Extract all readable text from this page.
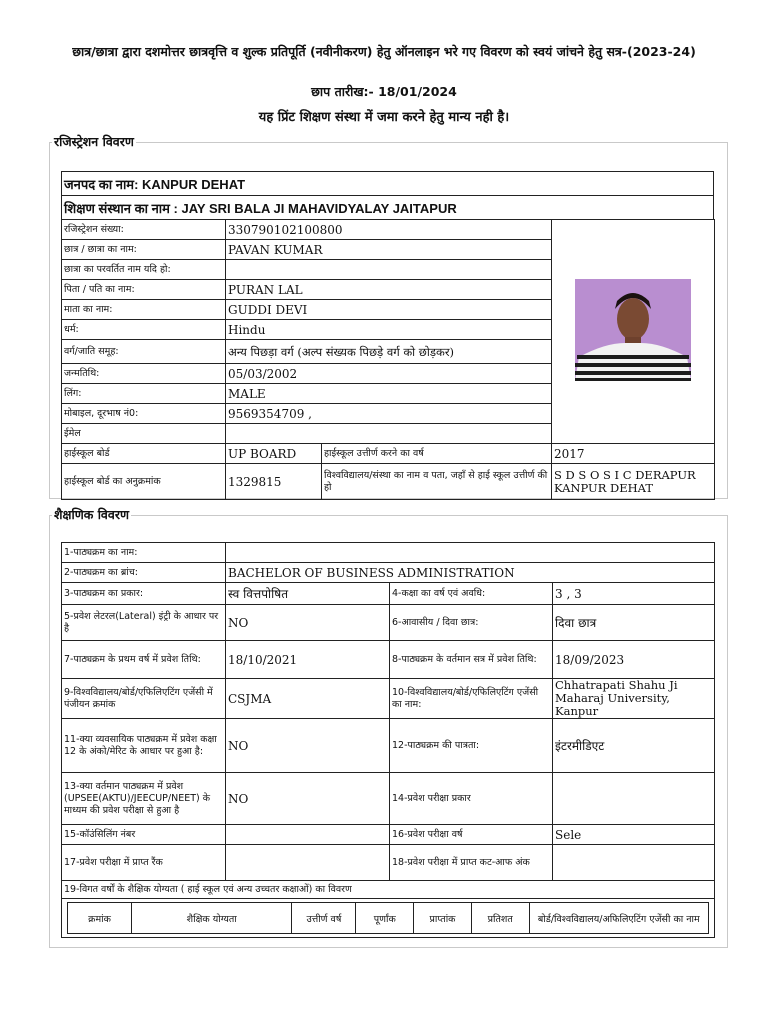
छात्र/छात्रा द्वारा दशमोत्तर छात्रवृत्ति व शुल्क प्रतिपूर्ति (नवीनीकरण) हेतु ऑनलाइन भरे गए विवरण को स्वयं जांचने हेतु सत्र-(2023-24)
छाप तारीख:- 18/01/2024
यह प्रिंट शिक्षण संस्था में जमा करने हेतु मान्य नही है।
रजिस्ट्रेशन विवरण
जनपद का नाम: KANPUR DEHAT
शिक्षण संस्थान का नाम : JAY SRI BALA JI MAHAVIDYALAY JAITAPUR
रजिस्ट्रेशन संख्या:	330790102100800	
छात्र / छात्रा का नाम:	PAVAN KUMAR		
छात्रा का परवर्तित नाम यदि हो:			
पिता / पति का नाम:	PURAN LAL		
माता का नाम:	GUDDI DEVI		
धर्म:	Hindu		
वर्ग/जाति समूह:	अन्य पिछड़ा वर्ग (अल्प संख्यक पिछड़े वर्ग को छोड़कर)		
जन्मतिथि:	05/03/2002		
लिंग:	MALE		
मोबाइल, दूरभाष नं0:	9569354709 ,		
ईमेल			
हाईस्कूल बोर्ड	UP BOARD	हाईस्कूल उत्तीर्ण करने का वर्ष	2017
हाईस्कूल बोर्ड का अनुक्रमांक	1329815	विश्वविद्यालय/संस्था का नाम व पता, जहाँ से हाई स्कूल उत्तीर्ण की हो	S D S O S I C DERAPUR KANPUR DEHAT
शैक्षणिक विवरण
1-पाठ्यक्रम का नाम:	
2-पाठ्यक्रम का ब्रांच:	BACHELOR OF BUSINESS ADMINISTRATION
3-पाठ्यक्रम का प्रकार:	स्व वित्तपोषित	4-कक्षा का वर्ष एवं अवधि:	3 , 3
5-प्रवेश लेटरल(Lateral) इंट्री के आधार पर है	NO	6-आवासीय / दिवा छात्र:	दिवा छात्र
7-पाठ्यक्रम के प्रथम वर्ष में प्रवेश तिथि:	18/10/2021	8-पाठ्यक्रम के वर्तमान सत्र में प्रवेश तिथि:	18/09/2023
9-विश्वविद्यालय/बोर्ड/एफिलिएटिंग एजेंसी में पंजीयन क्रमांक	CSJMA	10-विश्वविद्यालय/बोर्ड/एफिलिएटिंग एजेंसी का नाम:	Chhatrapati Shahu Ji Maharaj University, Kanpur
11-क्या व्यवसायिक पाठ्यक्रम में प्रवेश कक्षा 12 के अंको/मेरिट के आधार पर हुआ है:	NO	12-पाठ्यक्रम की पात्रता:	इंटरमीडिएट
13-क्या वर्तमान पाठ्यक्रम में प्रवेश (UPSEE(AKTU)/JEECUP/NEET) के माध्यम की प्रवेश परीक्षा से हुआ है	NO	14-प्रवेश परीक्षा प्रकार	
15-कॉउंसिलिंग नंबर		16-प्रवेश परीक्षा वर्ष	Sele
17-प्रवेश परीक्षा में प्राप्त रैंक		18-प्रवेश परीक्षा में प्राप्त कट-आफ अंक	
19-विगत वर्षों के शैक्षिक योग्यता ( हाई स्कूल एवं अन्य उच्चतर कक्षाओं) का विवरण

क्रमांक	शैक्षिक योग्यता	उत्तीर्ण वर्ष	पूर्णांक	प्राप्तांक	प्रतिशत	बोर्ड/विश्वविद्यालय/अफिलिएटिंग एजेंसी का नाम
